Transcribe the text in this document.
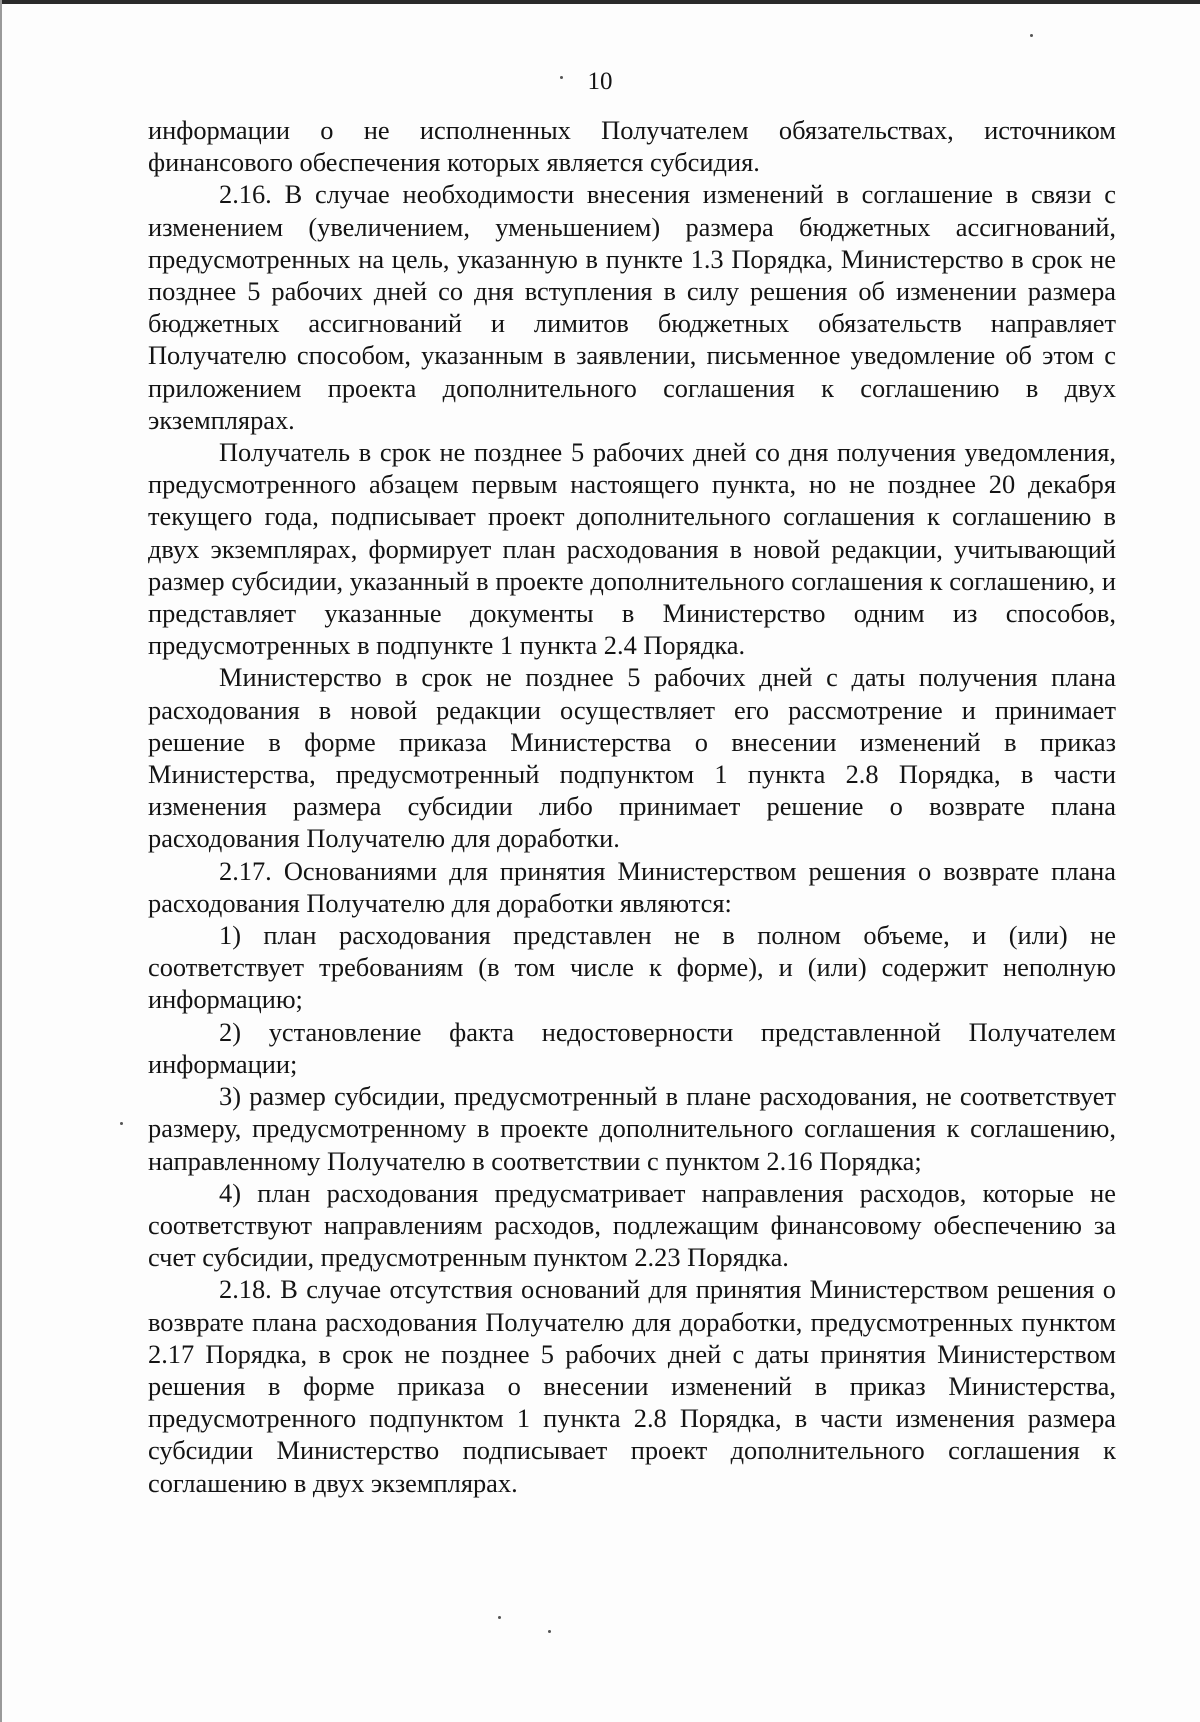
10

информации о не исполненных Получателем обязательствах, источником финансового обеспечения которых является субсидия.

2.16. В случае необходимости внесения изменений в соглашение в связи с изменением (увеличением, уменьшением) размера бюджетных ассигнований, предусмотренных на цель, указанную в пункте 1.3 Порядка, Министерство в срок не позднее 5 рабочих дней со дня вступления в силу решения об изменении размера бюджетных ассигнований и лимитов бюджетных обязательств направляет Получателю способом, указанным в заявлении, письменное уведомление об этом с приложением проекта дополнительного соглашения к соглашению в двух экземплярах.

Получатель в срок не позднее 5 рабочих дней со дня получения уведомления, предусмотренного абзацем первым настоящего пункта, но не позднее 20 декабря текущего года, подписывает проект дополнительного соглашения к соглашению в двух экземплярах, формирует план расходования в новой редакции, учитывающий размер субсидии, указанный в проекте дополнительного соглашения к соглашению, и представляет указанные документы в Министерство одним из способов, предусмотренных в подпункте 1 пункта 2.4 Порядка.

Министерство в срок не позднее 5 рабочих дней с даты получения плана расходования в новой редакции осуществляет его рассмотрение и принимает решение в форме приказа Министерства о внесении изменений в приказ Министерства, предусмотренный подпунктом 1 пункта 2.8 Порядка, в части изменения размера субсидии либо принимает решение о возврате плана расходования Получателю для доработки.

2.17. Основаниями для принятия Министерством решения о возврате плана расходования Получателю для доработки являются:

1) план расходования представлен не в полном объеме, и (или) не соответствует требованиям (в том числе к форме), и (или) содержит неполную информацию;

2) установление факта недостоверности представленной Получателем информации;

3) размер субсидии, предусмотренный в плане расходования, не соответствует размеру, предусмотренному в проекте дополнительного соглашения к соглашению, направленному Получателю в соответствии с пунктом 2.16 Порядка;

4) план расходования предусматривает направления расходов, которые не соответствуют направлениям расходов, подлежащим финансовому обеспечению за счет субсидии, предусмотренным пунктом 2.23 Порядка.

2.18. В случае отсутствия оснований для принятия Министерством решения о возврате плана расходования Получателю для доработки, предусмотренных пунктом 2.17 Порядка, в срок не позднее 5 рабочих дней с даты принятия Министерством решения в форме приказа о внесении изменений в приказ Министерства, предусмотренного подпунктом 1 пункта 2.8 Порядка, в части изменения размера субсидии Министерство подписывает проект дополнительного соглашения к соглашению в двух экземплярах.
